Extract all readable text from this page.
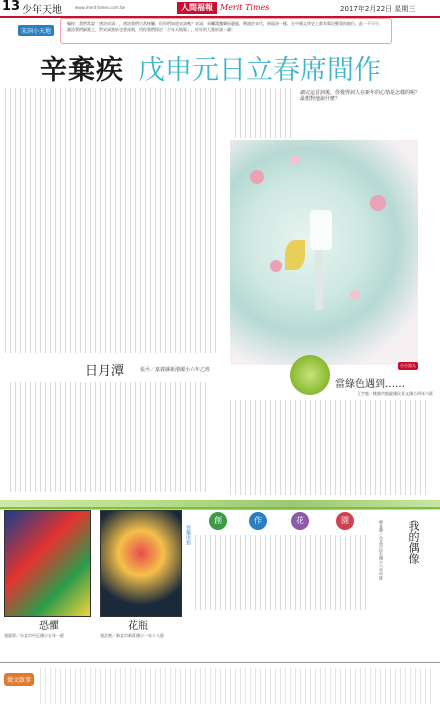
13 少年天地	www.merit-times.com.tw	人間福報 Merit Times	2017年2月22日 星期三
編按：我們常說「唐詩宋詞」，唐詩我們日常接觸，但你們知道宋詞嗎？宋詞，承繼漢魏樂府遺風，興盛於宋代，展現詩一樣，在中國文學史上都有舉足輕重的地位。此一不可少，讀詩我們細賞之，對宋詞賞析也要深刻，用你我們探討「少年天地篇」，好好的大賞析請一讀！
宋詞小天地
辛棄疾 戊申元日立春席間作
讀完這首詞後，你覺得詞人在新年的心情是怎樣的呢？最想對他說什麼？
日月潭	張丞／嘉義縣新港國小六年乙班
小小詩人
當綠色遇到……
王宇庭／桃園市凱旋國民長文國小四年六班
恐懼
張晨寧／台北市中正國小五年一班
花瓶
張芷綾／新北市新莊國小一年十八班
快樂塗鴉
創	作	花	園	我的偶像
林宜靜／台北市民生國小六年甲班
徵文啟事
